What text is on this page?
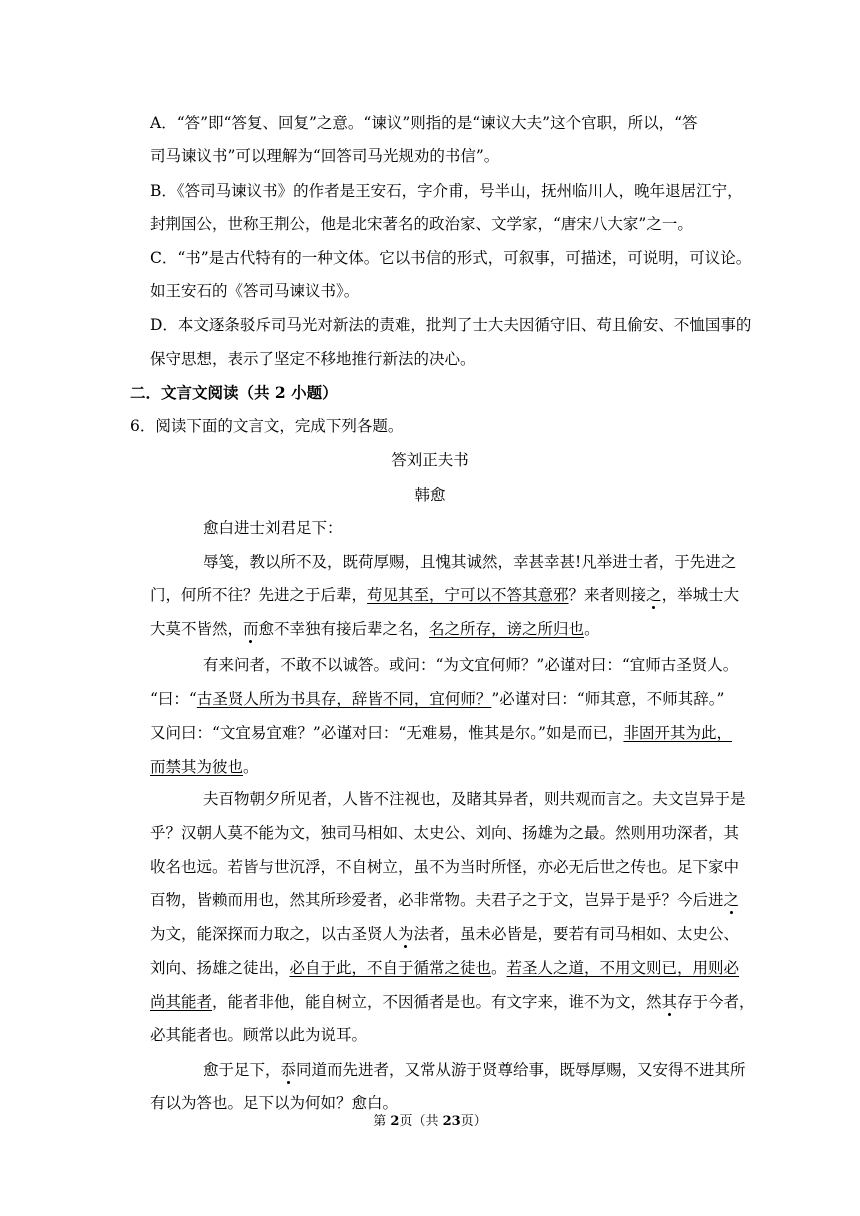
A．“答”即“答复、回复”之意。“谏议”则指的是“谏议大夫”这个官职，所以，“答
司马谏议书”可以理解为“回答司马光规劝的书信”。
B．《答司马谏议书》的作者是王安石，字介甫，号半山，抚州临川人，晚年退居江宁，
封荆国公，世称王荆公，他是北宋著名的政治家、文学家，“唐宋八大家”之一。
C．“书”是古代特有的一种文体。它以书信的形式，可叙事，可描述，可说明，可议论。
如王安石的《答司马谏议书》。
D．本文逐条驳斥司马光对新法的责难，批判了士大夫因循守旧、苟且偷安、不恤国事的
保守思想，表示了坚定不移地推行新法的决心。
二．文言文阅读（共 2 小题）
6．阅读下面的文言文，完成下列各题。
答刘正夫书
韩愈
愈白进士刘君足下：
辱笺，教以所不及，既荷厚赐，且愧其诚然，幸甚幸甚!凡举进士者，于先进之
门，何所不往？先进之于后辈，苟见其至，宁可以不答其意邪？来者则接之，举城士大
大莫不皆然，而愈不幸独有接后辈之名，名之所存，谤之所归也。
有来问者，不敢不以诚答。或问：“为文宜何师？”必谨对曰：“宜师古圣贤人。
“曰：“古圣贤人所为书具存，辞皆不同，宜何师？”必谨对曰：“师其意，不师其辞。”
又问曰：“文宜易宜难？”必谨对曰：“无难易，惟其是尔。”如是而已，非固开其为此，
而禁其为彼也。
夫百物朝夕所见者，人皆不注视也，及睹其异者，则共观而言之。夫文岂异于是
乎？汉朝人莫不能为文，独司马相如、太史公、刘向、扬雄为之最。然则用功深者，其
收名也远。若皆与世沉浮，不自树立，虽不为当时所怪，亦必无后世之传也。足下家中
百物，皆赖而用也，然其所珍爱者，必非常物。夫君子之于文，岂异于是乎？今后进之
为文，能深探而力取之，以古圣贤人为法者，虽未必皆是，要若有司马相如、太史公、
刘向、扬雄之徒出，必自于此，不自于循常之徒也。若圣人之道，不用文则已，用则必
尚其能者，能者非他，能自树立，不因循者是也。有文字来，谁不为文，然其存于今者，
必其能者也。顾常以此为说耳。
愈于足下，忝同道而先进者，又常从游于贤尊给事，既辱厚赐，又安得不进其所
有以为答也。足下以为何如？愈白。
第 2页（共 23页）
